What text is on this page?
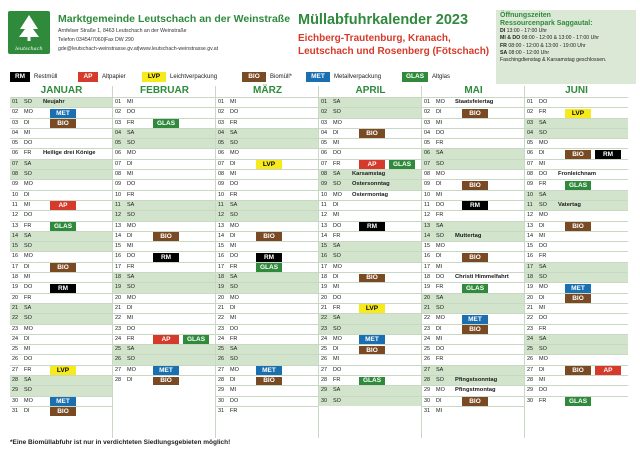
leutschach
Marktgemeinde Leutschach an der Weinstraße
Arnfelser Straße 1, 8463 Leutschach an der Weinstraße
Telefon 03454/7060|Fax DW 290
gde@leutschach-weinstrasse.gv.at|www.leutschach-weinstrasse.gv.at
Müllabfuhrkalender 2023
Eichberg-Trautenburg, Kranach,
Leutschach und Rosenberg (Fötschach)
Öffnungszeiten
Ressourcenpark Saggautal:
DI 13:00 - 17:00 Uhr
MI & DO 08:00 - 12:00 & 13:00 - 17:00 Uhr
FR 08:00 - 12:00 & 13:00 - 19:00 Uhr
SA 08:00 - 12:00 Uhr
Faschingdienstag & Karsamstag geschlossen.
RM	Restmüll	AP	Altpapier	LVP	Leichtverpackung	BIO	Biomüll*	MET	Metallverpackung	GLAS	Altglas
JANUAR
01 SO Neujahr
02 MO	MET
03 DI	BIO
04 MI
05 DO
06 FR Heilige drei Könige
07 SA
08 SO
09 MO
10 DI
11 MI	AP
12 DO
13 FR	GLAS
14 SA
15 SO
16 MO
17 DI	BIO
18 MI
19 DO	RM
20 FR
21 SA
22 SO
23 MO
24 DI
25 MI
26 DO
27 FR	LVP
28 SA
29 SO
30 MO	MET
31 DI	BIO
FEBRUAR
01 MI
02 DO
03 FR	GLAS
04 SA
05 SO
06 MO
07 DI
08 MI
09 DO
10 FR
11 SA
12 SO
13 MO
14 DI	BIO
15 MI
16 DO	RM
17 FR
18 SA
19 SO
20 MO
21 DI
22 MI
23 DO
24 FR	AP	GLAS
25 SA
26 SO
27 MO	MET
28 DI	BIO
MÄRZ
01 MI
02 DO
03 FR
04 SA
05 SO
06 MO
07 DI	LVP
08 MI
09 DO
10 FR
11 SA
12 SO
13 MO
14 DI	BIO
15 MI
16 DO	RM
17 FR	GLAS
18 SA
19 SO
20 MO
21 DI
22 MI
23 DO
24 FR
25 SA
26 SO
27 MO	MET
28 DI	BIO
29 MI
30 DO
31 FR
APRIL
01 SA
02 SO
03 MO
04 DI	BIO
05 MI
06 DO
07 FR	AP	GLAS
08 SA Karsamstag
09 SO Ostersonntag
10 MO Ostermontag
11 DI
12 MI
13 DO	RM
14 FR
15 SA
16 SO
17 MO
18 DI	BIO
19 MI
20 DO
21 FR	LVP
22 SA
23 SO
24 MO	MET
25 DI	BIO
26 MI
27 DO
28 FR	GLAS
29 SA
30 SO
MAI
01 MO Staatsfeiertag
02 DI	BIO
03 MI
04 DO
05 FR
06 SA
07 SO
08 MO
09 DI	BIO
10 MI
11 DO	RM
12 FR
13 SA
14 SO Muttertag
15 MO
16 DI	BIO
17 MI
18 DO Christi Himmelfahrt
19 FR	GLAS
20 SA
21 SO
22 MO	MET
23 DI	BIO
24 MI
25 DO
26 FR
27 SA
28 SO Pfingstsonntag
29 MO Pfingstmontag
30 DI	BIO
31 MI
JUNI
01 DO
02 FR	LVP
03 SA
04 SO
05 MO
06 DI	BIO	RM
07 MI
08 DO Fronleichnam
09 FR	GLAS
10 SA
11 SO Vatertag
12 MO
13 DI	BIO
14 MI
15 DO
16 FR
17 SA
18 SO
19 MO	MET
20 DI	BIO
21 MI
22 DO
23 FR
24 SA
25 SO
26 MO
27 DI	BIO	AP
28 MI
29 DO
30 FR	GLAS
*Eine Biomüllabfuhr ist nur in verdichteten Siedlungsgebieten möglich!
